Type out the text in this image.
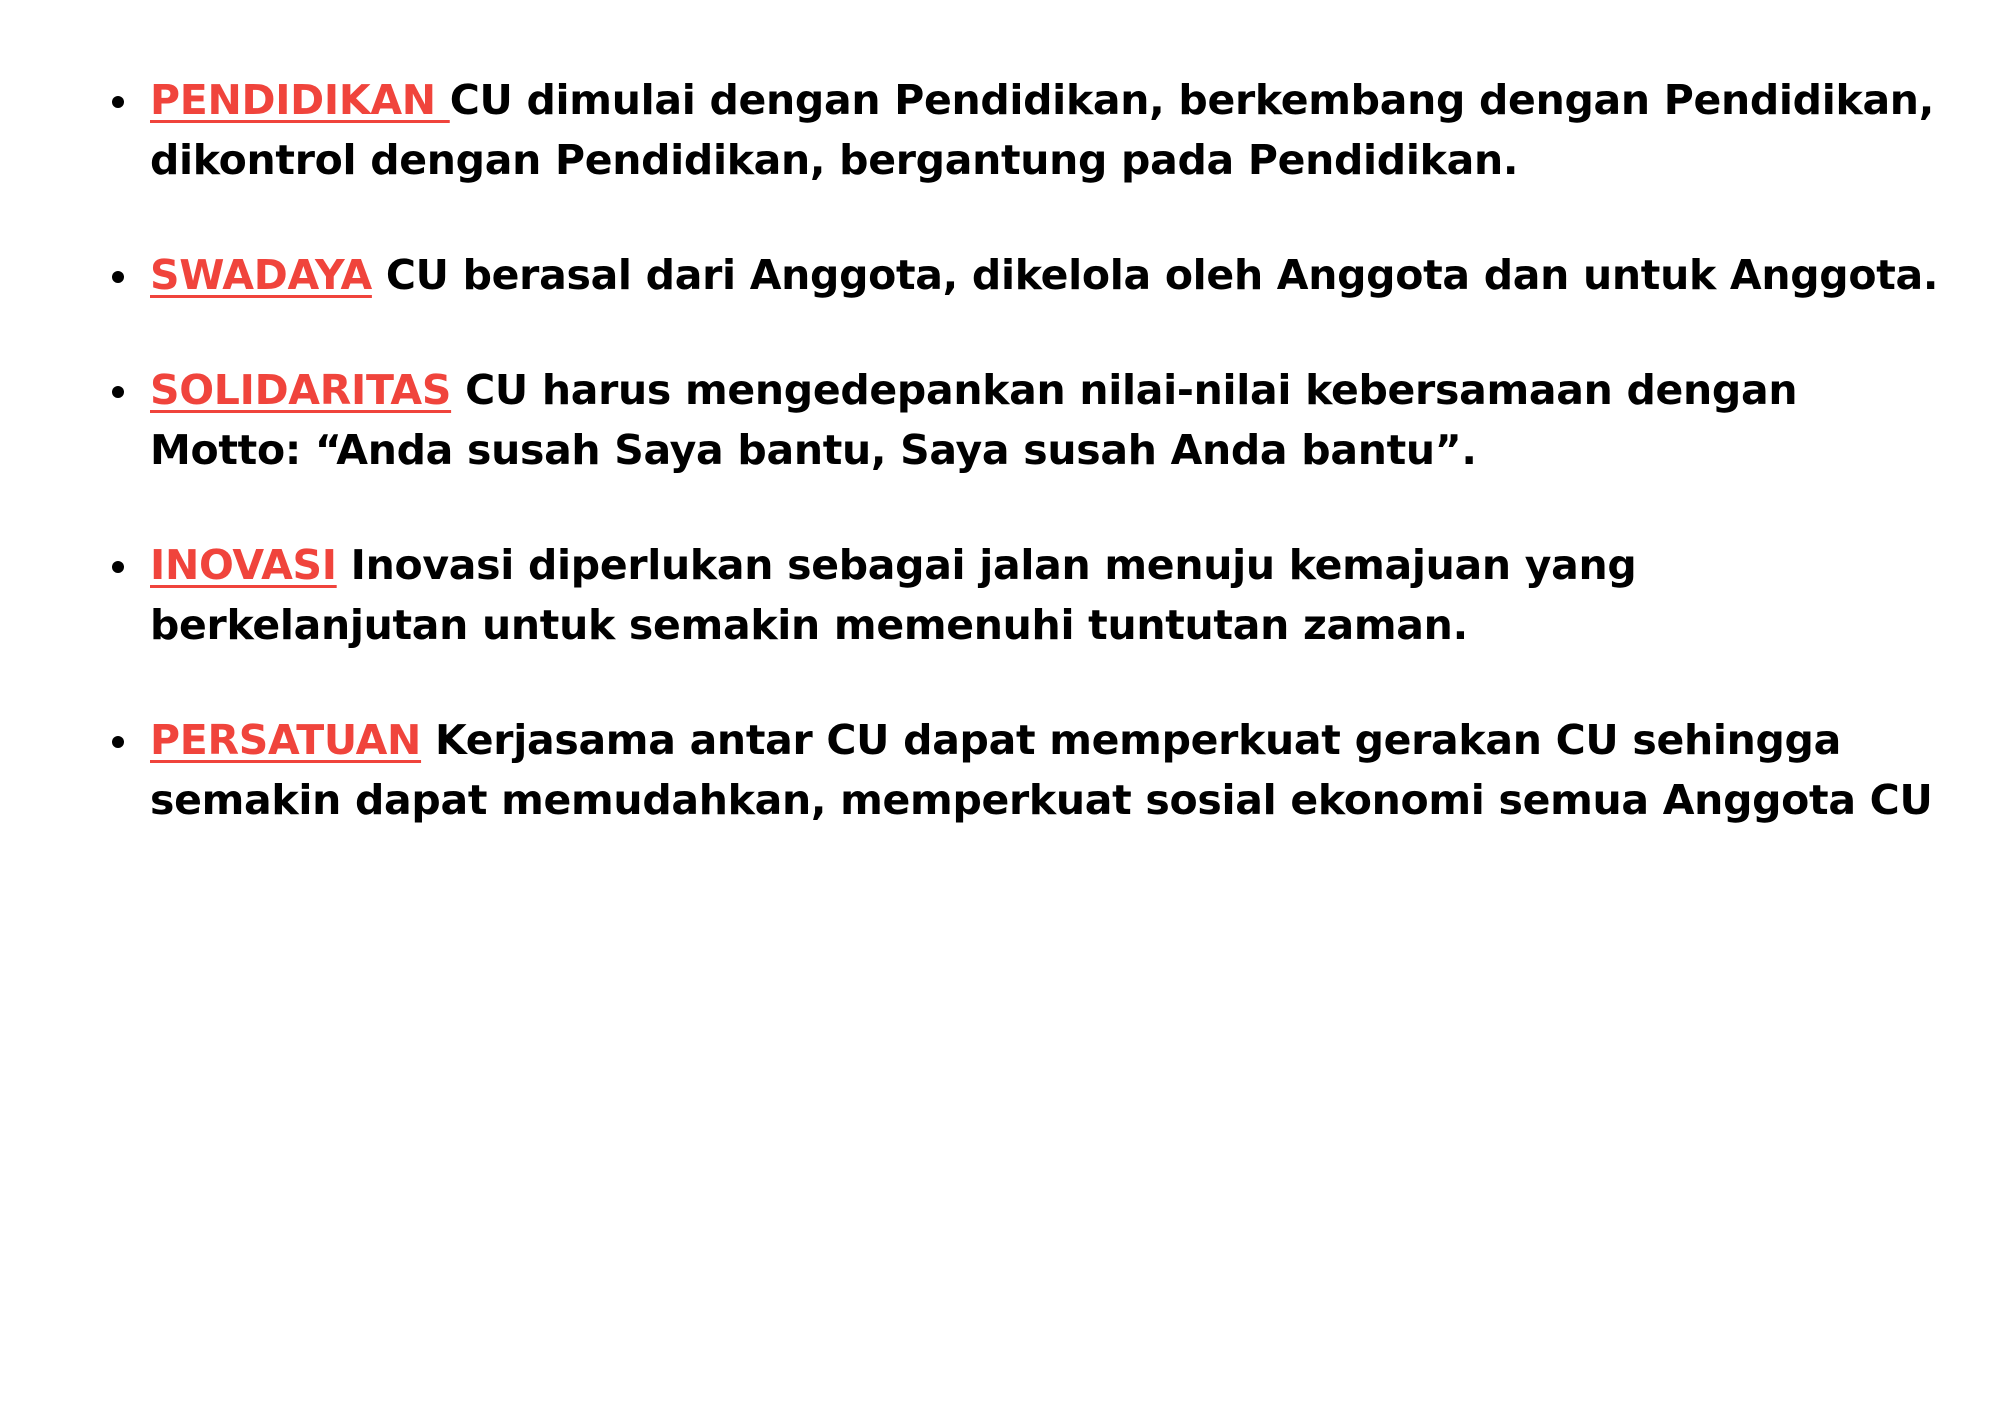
PENDIDIKAN CU dimulai dengan Pendidikan, berkembang dengan Pendidikan, dikontrol dengan Pendidikan, bergantung pada Pendidikan.
SWADAYA CU berasal dari Anggota, dikelola oleh Anggota dan untuk Anggota.
SOLIDARITAS CU harus mengedepankan nilai-nilai kebersamaan dengan Motto: “Anda susah Saya bantu, Saya susah Anda bantu”.
INOVASI Inovasi diperlukan sebagai jalan menuju kemajuan yang berkelanjutan untuk semakin memenuhi tuntutan zaman.
PERSATUAN Kerjasama antar CU dapat memperkuat gerakan CU sehingga semakin dapat memudahkan, memperkuat sosial ekonomi semua Anggota CU
